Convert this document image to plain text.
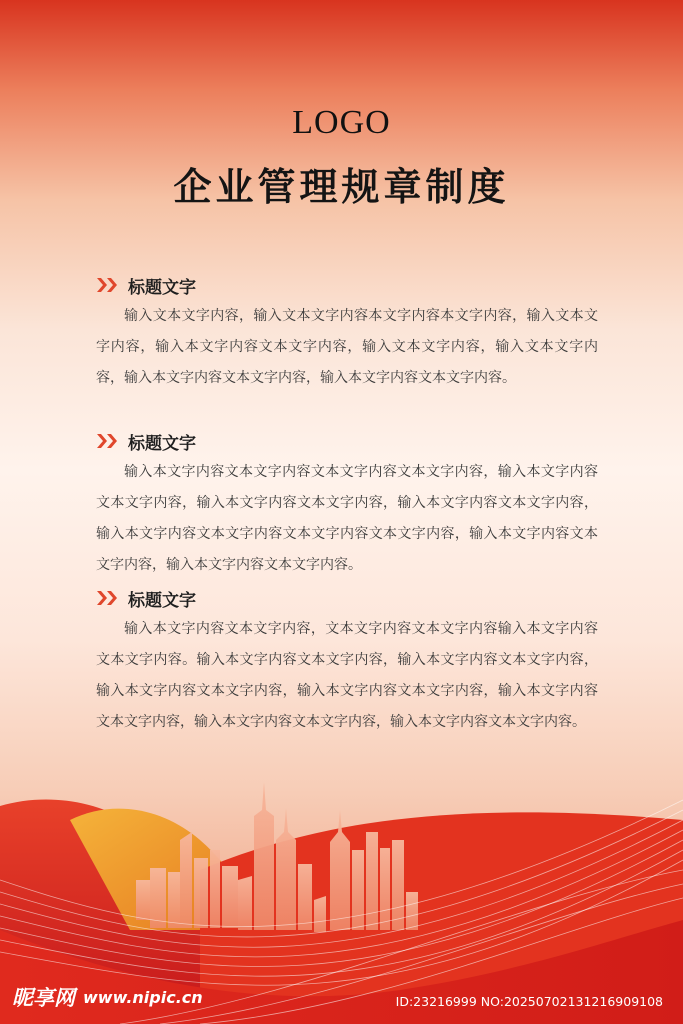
LOGO
企业管理规章制度
标题文字

输入文本文字内容，输入文本文字内容本文字内容本文字内容，输入文本文字内容，输入本文字内容文本文字内容，输入文本文字内容，输入文本文字内容，输入本文字内容文本文字内容，输入本文字内容文本文字内容。

标题文字

输入本文字内容文本文字内容文本文字内容文本文字内容，输入本文字内容文本文字内容，输入本文字内容文本文字内容，输入本文字内容文本文字内容，输入本文字内容文本文字内容文本文字内容文本文字内容，输入本文字内容文本文字内容，输入本文字内容文本文字内容。

标题文字

输入本文字内容文本文字内容，文本文字内容文本文字内容输入本文字内容文本文字内容。输入本文字内容文本文字内容，输入本文字内容文本文字内容，输入本文字内容文本文字内容，输入本文字内容文本文字内容，输入本文字内容文本文字内容，输入本文字内容文本文字内容，输入本文字内容文本文字内容。

昵享网 www.nipic.cn	ID:23216999 NO:20250702131216909108
